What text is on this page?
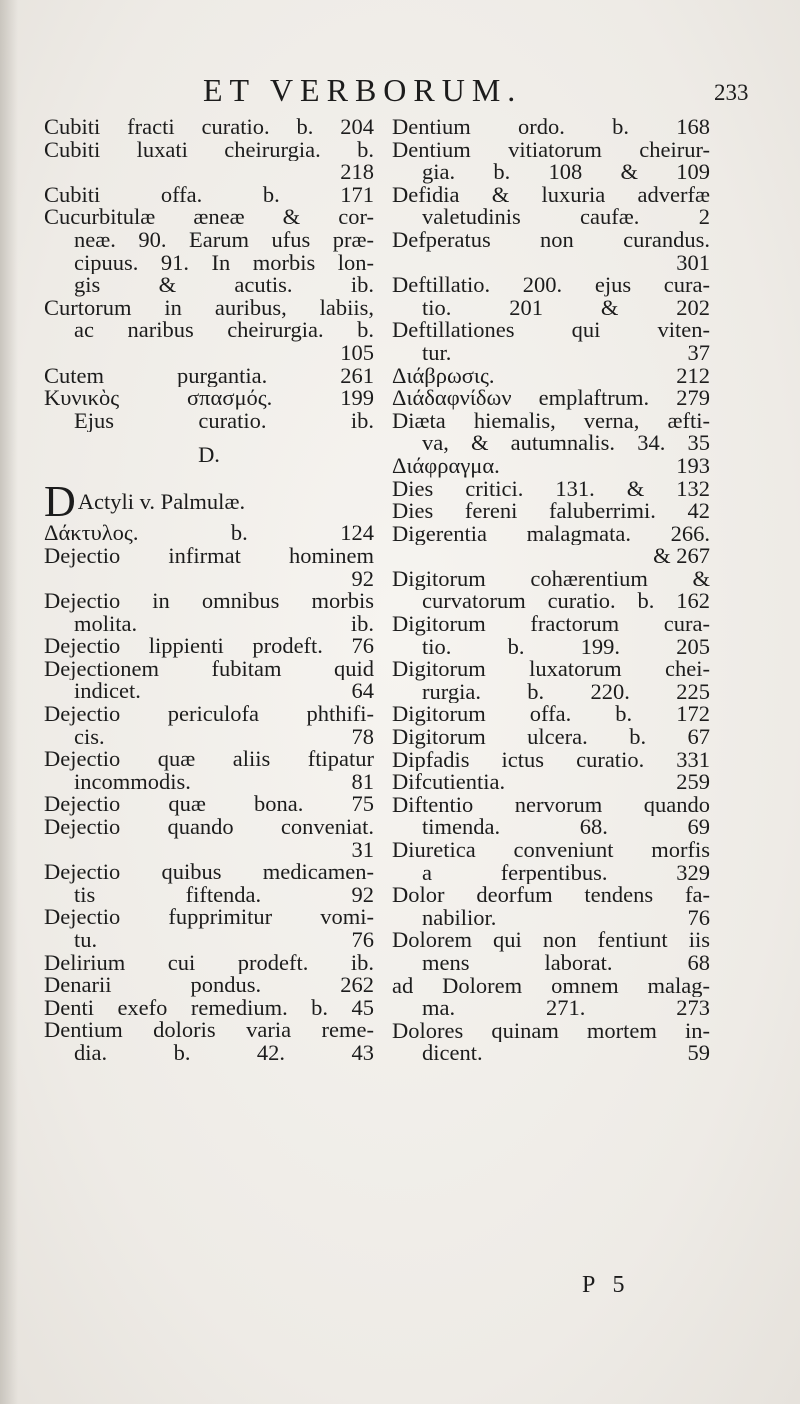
ET VERBORUM.	233
Cubiti fracti curatio. b. 204
Cubiti luxati cheirurgia. b.
218
Cubiti offa. b. 171
Cucurbitulæ æneæ & cor-
neæ. 90. Earum ufus præ-
cipuus. 91. In morbis lon-
gis & acutis. ib.
Curtorum in auribus, labiis,
ac naribus cheirurgia. b.
105
Cutem purgantia. 261
Κυνικὸς σπασμός. 199
Ejus curatio. ib.
D.
DActyli v. Palmulæ.
Δάκτυλος. b. 124
Dejectio infirmat hominem
92
Dejectio in omnibus morbis
molita. ib.
Dejectio lippienti prodeft. 76
Dejectionem fubitam quid
indicet. 64
Dejectio periculofa phthifi-
cis. 78
Dejectio quæ aliis ftipatur
incommodis. 81
Dejectio quæ bona. 75
Dejectio quando conveniat.
31
Dejectio quibus medicamen-
tis fiftenda. 92
Dejectio fupprimitur vomi-
tu. 76
Delirium cui prodeft. ib.
Denarii pondus. 262
Denti exefo remedium. b. 45
Dentium doloris varia reme-
dia. b. 42. 43
Dentium ordo. b. 168
Dentium vitiatorum cheirur-
gia. b. 108 & 109
Defidia & luxuria adverfæ
valetudinis caufæ. 2
Defperatus non curandus.
301
Deftillatio. 200. ejus cura-
tio. 201 & 202
Deftillationes qui viten-
tur. 37
Διάβρωσις. 212
Διάδαφνίδων emplaftrum. 279
Diæta hiemalis, verna, æfti-
va, & autumnalis. 34. 35
Διάφραγμα. 193
Dies critici. 131. & 132
Dies fereni faluberrimi. 42
Digerentia malagmata. 266.
& 267
Digitorum cohærentium &
curvatorum curatio. b. 162
Digitorum fractorum cura-
tio. b. 199. 205
Digitorum luxatorum chei-
rurgia. b. 220. 225
Digitorum offa. b. 172
Digitorum ulcera. b. 67
Dipfadis ictus curatio. 331
Difcutientia. 259
Diftentio nervorum quando
timenda. 68. 69
Diuretica conveniunt morfis
a ferpentibus. 329
Dolor deorfum tendens fa-
nabilior. 76
Dolorem qui non fentiunt iis
mens laborat. 68
ad Dolorem omnem malag-
ma. 271. 273
Dolores quinam mortem in-
dicent. 59
P 5
